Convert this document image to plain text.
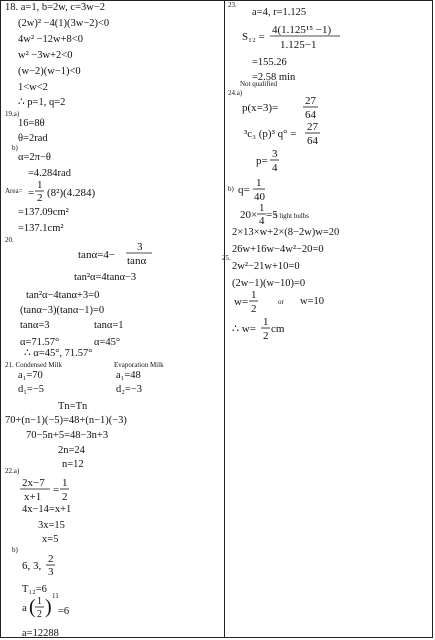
18. a=1, b=2w, c=3w−2
(2w)² −4(1)(3w−2)<0
4w² −12w+8<0
w² −3w+2<0
(w−2)(w−1)<0
1<w<2
∴ p=1, q=2
19.a)
16=8θ
θ=2rad
b)
α=2π−θ
=4.284rad
Area=
=137.09cm²
=137.1cm²
20.
tan²α=4tanα−3
tan²α−4tanα+3=0
(tanα−3)(tanα−1)=0
tanα=3	tanα=1
α=71.57°	α=45°
∴ α=45°, 71.57°
21. Condensed Milk	Evaporation Milk
a₁=70	a₁=48
d₁=−5	d₂=−3
Tn=Tn
70+(n−1)(−5)=48+(n−1)(−3)
70−5n+5=48−3n+3
2n=24
n=12
22.a)
4x−14=x+1
3x=15
x=5
b)
T₁₂=6
=6
a=12288
23.
a=4, r=1.125
=155.26
=2.58 min
Not qualified
24.a)
b)
5 light bulbs
2×13×w+2×(8−2w)w=20
26w+16w−4w²−20=0
25.
2w²−21w+10=0
(2w−1)(w−10)=0
or w=10
=
1
2 (8²)(4.284)
tanα=4−
3
tanα
2x−7
x+1
=
1
2
6, 3,
2
3
a ( 1
2 ) 11
S₁₂ =
4(1.125¹⁵ −1)
1.125−1
p(x=3)=
27
64
³c₃ (p)³ q° =
27
64
p=
3
4
q=
1
40
20×
1
4 =5
w=
1
2
∴ w=
1
2
cm
